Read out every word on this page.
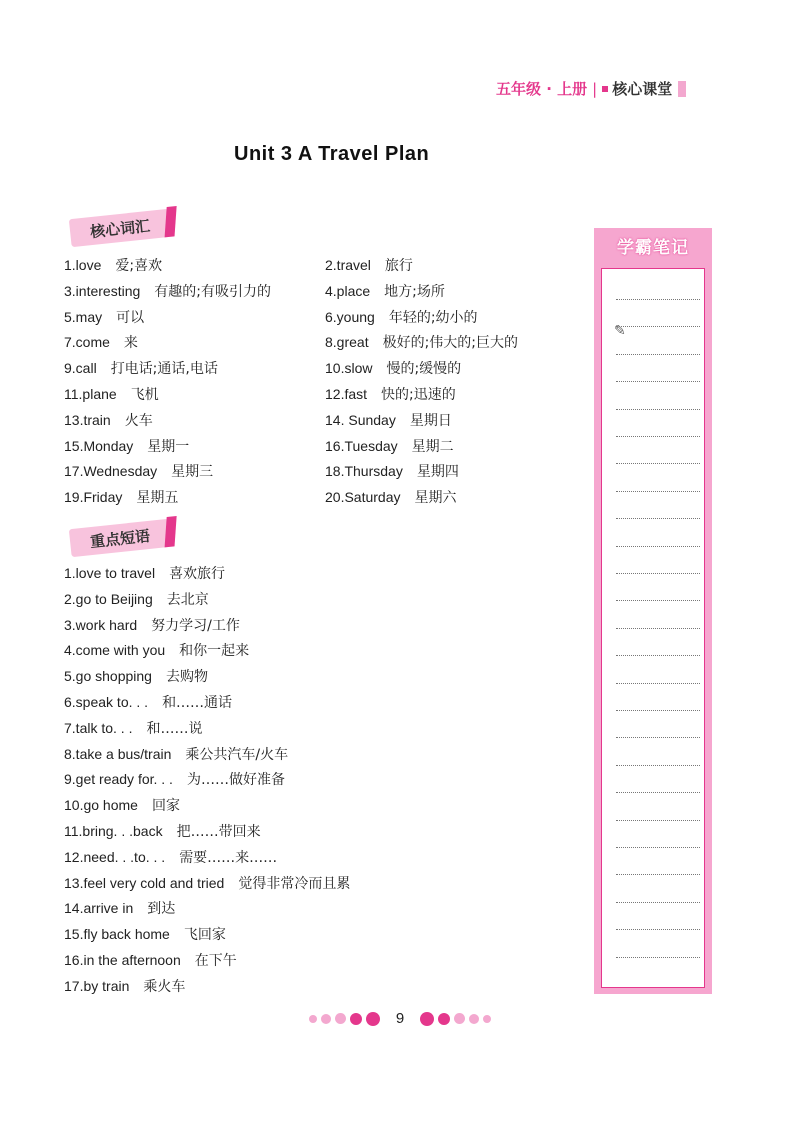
五年级 · 上册 | 核心课堂
Unit 3 A Travel Plan
核心词汇
1.love 爱;喜欢
3.interesting 有趣的;有吸引力的
5.may 可以
7.come 来
9.call 打电话;通话,电话
11.plane 飞机
13.train 火车
15.Monday 星期一
17.Wednesday 星期三
19.Friday 星期五
2.travel 旅行
4.place 地方;场所
6.young 年轻的;幼小的
8.great 极好的;伟大的;巨大的
10.slow 慢的;缓慢的
12.fast 快的;迅速的
14. Sunday 星期日
16.Tuesday 星期二
18.Thursday 星期四
20.Saturday 星期六
重点短语
1.love to travel 喜欢旅行
2.go to Beijing 去北京
3.work hard 努力学习/工作
4.come with you 和你一起来
5.go shopping 去购物
6.speak to. . . 和……通话
7.talk to. . . 和……说
8.take a bus/train 乘公共汽车/火车
9.get ready for. . . 为……做好准备
10.go home 回家
11.bring. . .back 把……带回来
12.need. . .to. . . 需要……来……
13.feel very cold and tried 觉得非常冷而且累
14.arrive in 到达
15.fly back home 飞回家
16.in the afternoon 在下午
17.by train 乘火车
学霸笔记
✎
9
